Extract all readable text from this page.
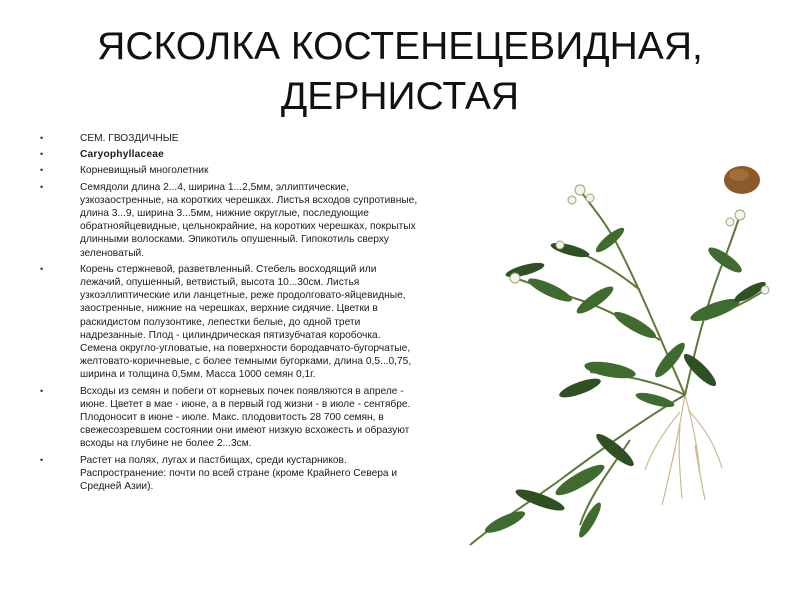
ЯСКОЛКА КОСТЕНЕЦЕВИДНАЯ,
ДЕРНИСТАЯ
•	СЕМ. ГВОЗДИЧНЫЕ
•	Caryophyllaceae
•	Корневищный многолетник
•	Семядоли длина 2...4, ширина 1...2,5мм, эллиптические, узкозаостренные, на коротких черешках. Листья всходов супротивные, длина 3...9, ширина 3...5мм, нижние округлые, последующие обратнояйцевидные, цельнокрайние, на коротких черешках, покрытых длинными волосками. Эпикотиль опушенный. Гипокотиль сверху зеленоватый.
•	Корень стержневой, разветвленный. Стебель восходящий или лежачий, опушенный, ветвистый, высота 10...30см. Листья узкоэллиптические или ланцетные, реже продолговато-яйцевидные, заостренные, нижние на черешках, верхние сидячие. Цветки в раскидистом полузонтике, лепестки белые, до одной трети надрезанные. Плод - цилиндрическая пятизубчатая коробочка. Семена округло-угловатые, на поверхности бородавчато-бугорчатые, желтовато-коричневые, с более темными бугорками, длина 0,5...0,75, ширина и толщина 0,5мм. Масса 1000 семян 0,1г.
•	Всходы из семян и побеги от корневых почек появляются в апреле - июне. Цветет в мае - июне, а в первый год жизни - в июле - сентябре. Плодоносит в июне - июле. Макс. плодовитость 28 700 семян, в свежесозревшем состоянии они имеют низкую всхожесть и образуют всходы на глубине не более 2...3см.
•	Растет на полях, лугах и пастбищах, среди кустарников. Распространение: почти по всей стране (кроме Крайнего Севера и Средней Азии).
